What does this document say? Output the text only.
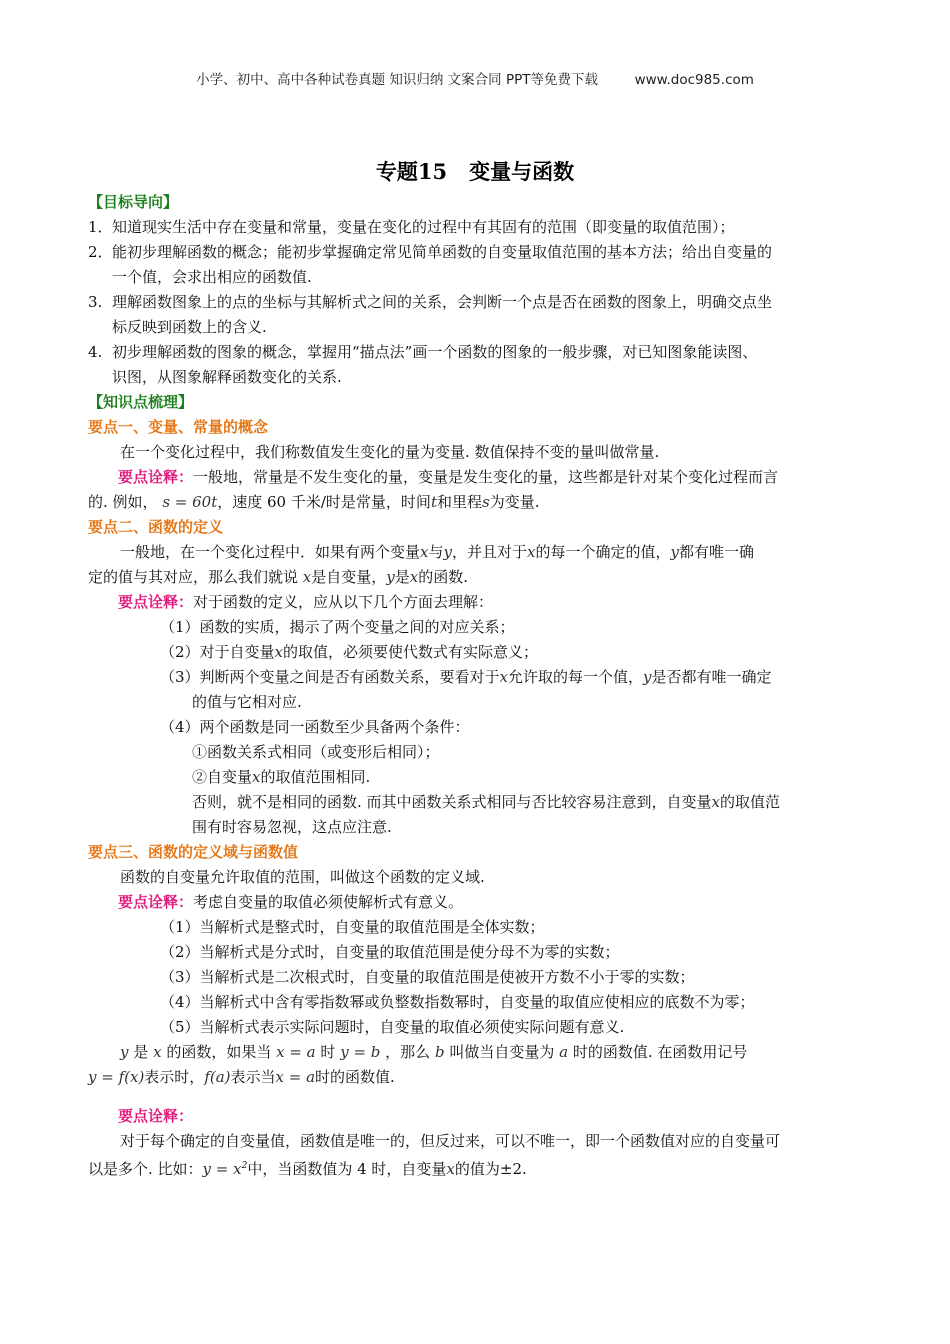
小学、初中、高中各种试卷真题 知识归纳 文案合同 PPT等免费下载	www.doc985.com
专题15 变量与函数
【目标导向】
1． 知道现实生活中存在变量和常量，变量在变化的过程中有其固有的范围（即变量的取值范围）；
2． 能初步理解函数的概念；能初步掌握确定常见简单函数的自变量取值范围的基本方法；给出自变量的
一个值，会求出相应的函数值.
3. 理解函数图象上的点的坐标与其解析式之间的关系，会判断一个点是否在函数的图象上，明确交点坐
标反映到函数上的含义.
4. 初步理解函数的图象的概念，掌握用“描点法”画一个函数的图象的一般步骤，对已知图象能读图、
识图，从图象解释函数变化的关系.
【知识点梳理】
要点一、变量、常量的概念
在一个变化过程中，我们称数值发生变化的量为变量. 数值保持不变的量叫做常量.
要点诠释：一般地，常量是不发生变化的量，变量是发生变化的量，这些都是针对某个变化过程而言
的. 例如， s = 60t，速度 60 千米/时是常量，时间t和里程s为变量.
要点二、函数的定义
一般地，在一个变化过程中．如果有两个变量x与y，并且对于x的每一个确定的值，y都有唯一确
定的值与其对应，那么我们就说 x是自变量，y是x的函数.
要点诠释：对于函数的定义，应从以下几个方面去理解：
（1）函数的实质，揭示了两个变量之间的对应关系；
（2）对于自变量x的取值，必须要使代数式有实际意义；
（3）判断两个变量之间是否有函数关系，要看对于x允许取的每一个值，y是否都有唯一确定
的值与它相对应.
（4）两个函数是同一函数至少具备两个条件：
①函数关系式相同（或变形后相同）；
②自变量x的取值范围相同.
否则，就不是相同的函数. 而其中函数关系式相同与否比较容易注意到，自变量x的取值范
围有时容易忽视，这点应注意.
要点三、函数的定义域与函数值
函数的自变量允许取值的范围，叫做这个函数的定义域.
要点诠释：考虑自变量的取值必须使解析式有意义。
（1）当解析式是整式时，自变量的取值范围是全体实数；
（2）当解析式是分式时，自变量的取值范围是使分母不为零的实数；
（3）当解析式是二次根式时，自变量的取值范围是使被开方数不小于零的实数；
（4）当解析式中含有零指数幂或负整数指数幂时，自变量的取值应使相应的底数不为零；
（5）当解析式表示实际问题时，自变量的取值必须使实际问题有意义.
y 是 x 的函数，如果当 x = a 时 y = b ，那么 b 叫做当自变量为 a 时的函数值. 在函数用记号
y = f(x)表示时，f(a)表示当x = a时的函数值.
要点诠释：
对于每个确定的自变量值，函数值是唯一的，但反过来，可以不唯一，即一个函数值对应的自变量可
以是多个. 比如：$y = x^2$中，当函数值为 4 时，自变量x的值为±2.
